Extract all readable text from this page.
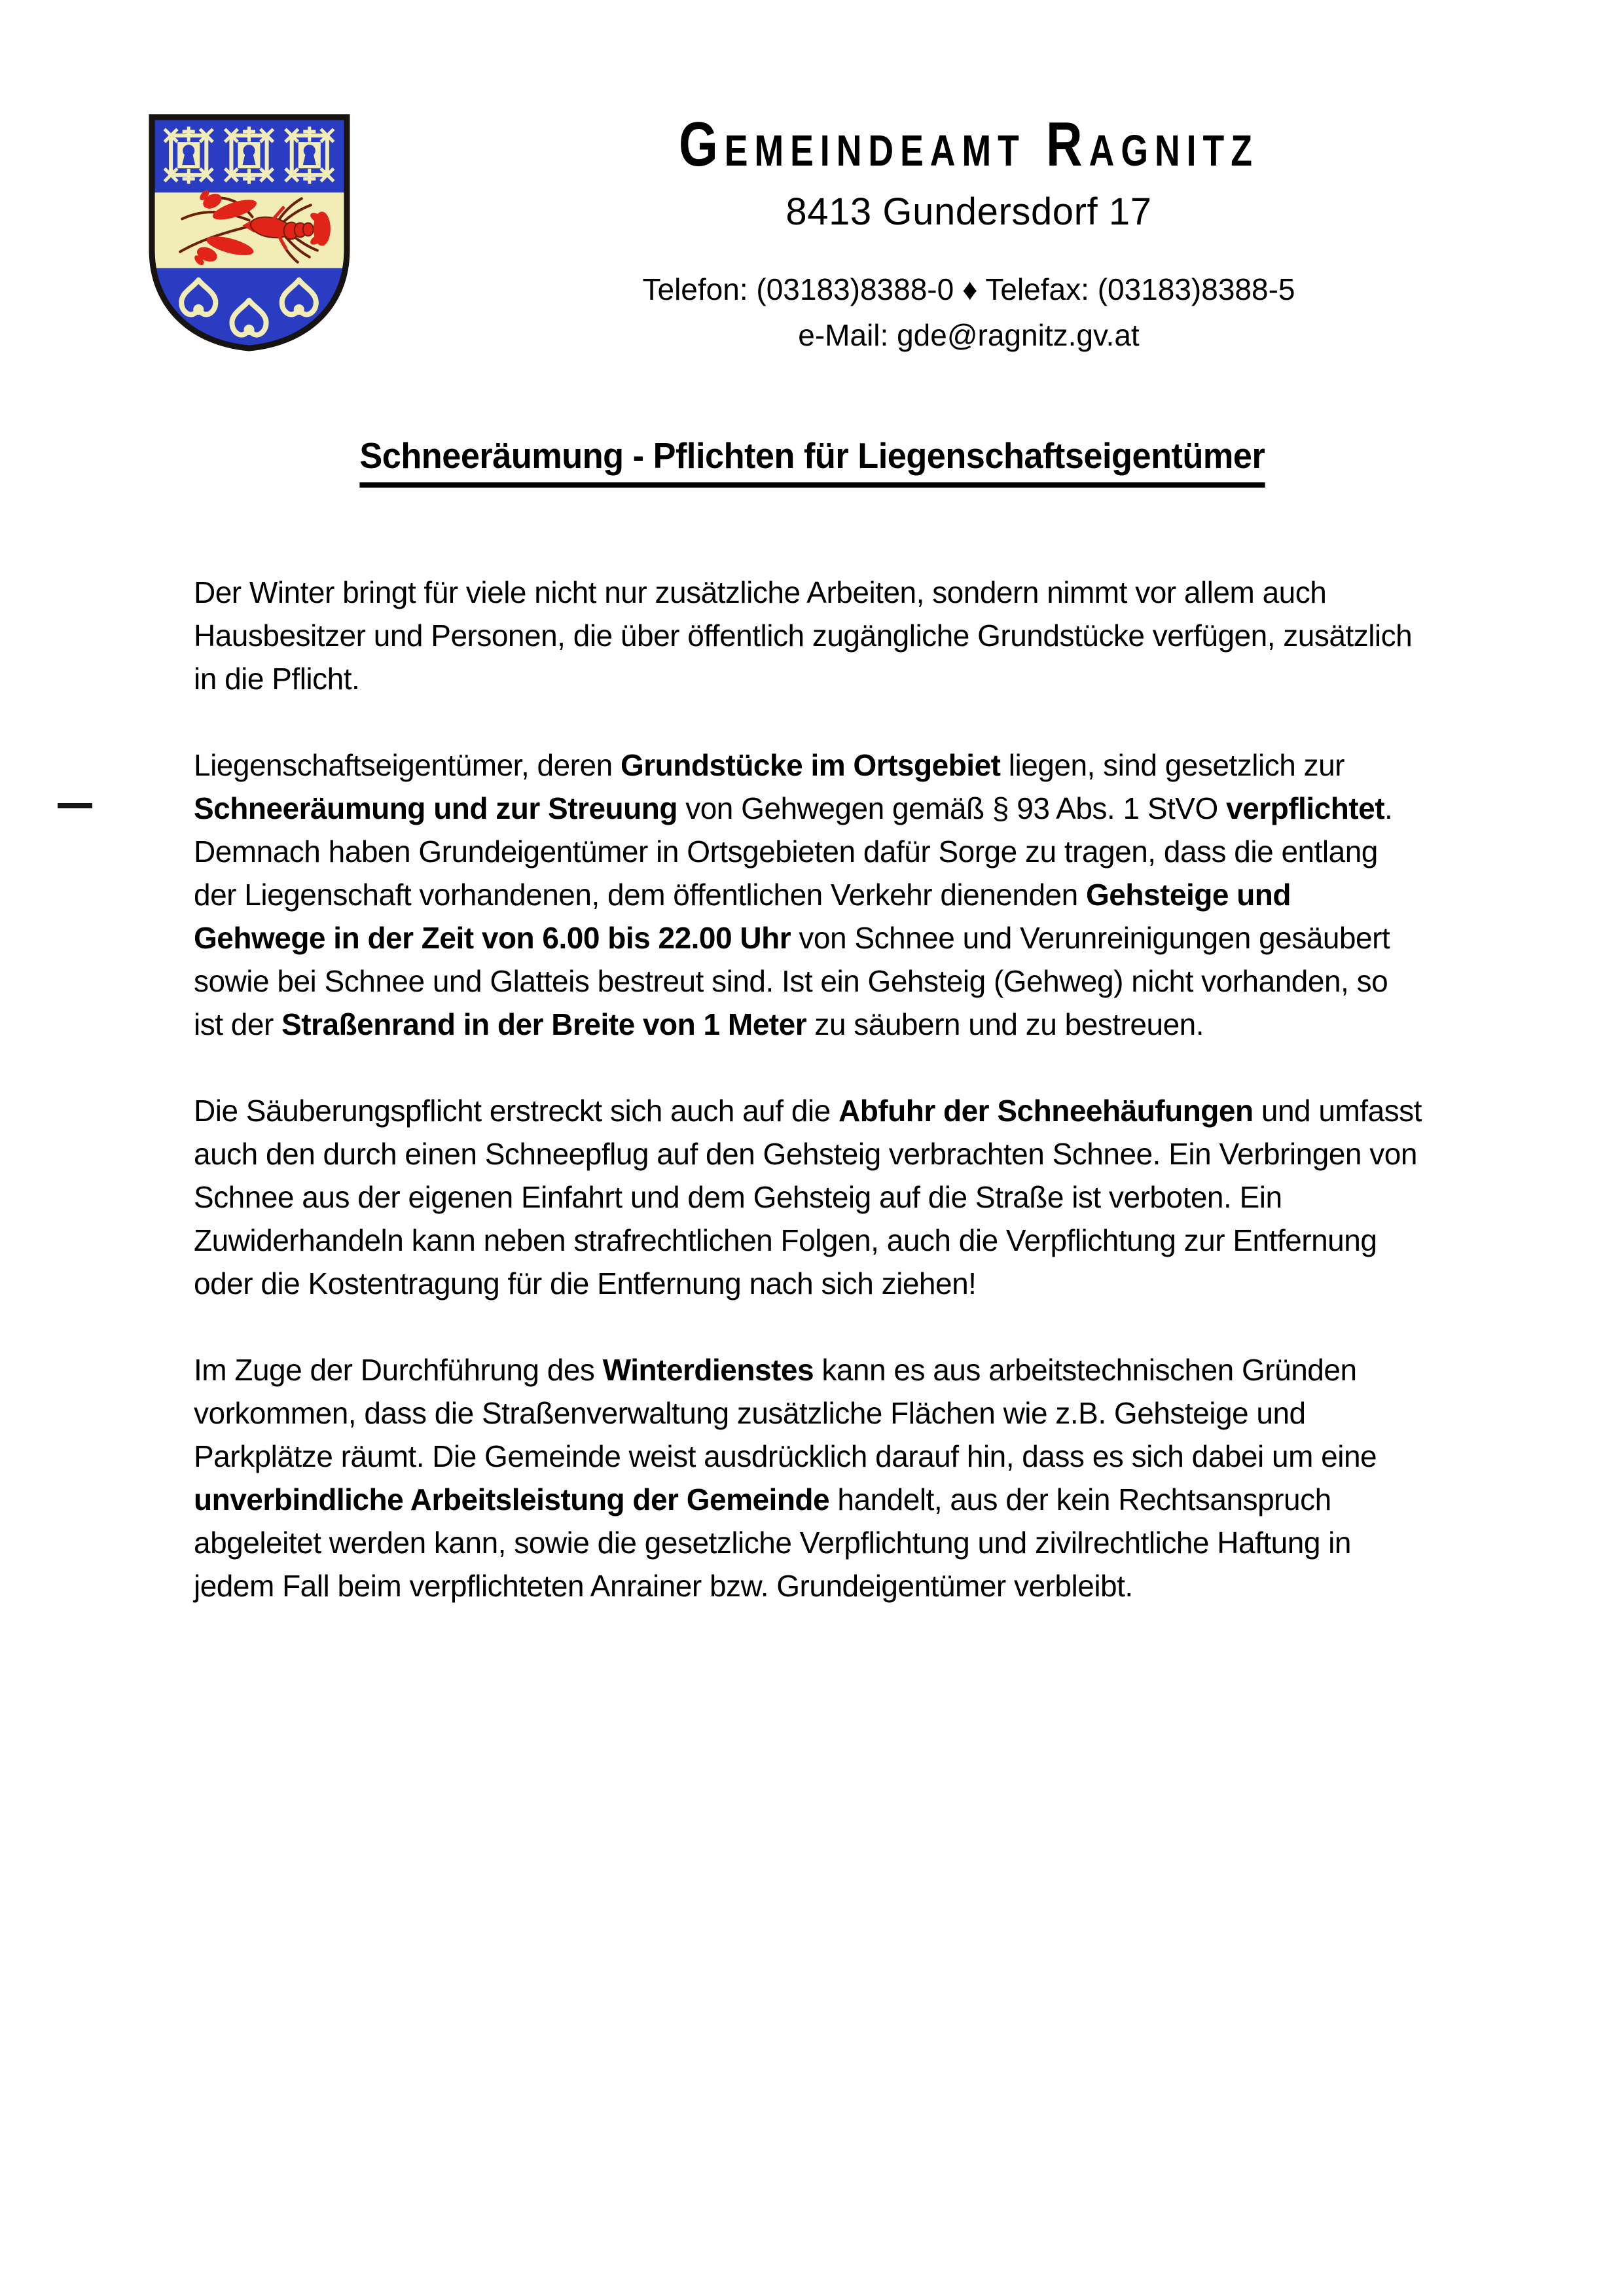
Gemeindeamt Ragnitz
8413 Gundersdorf 17
Telefon: (03183)8388-0 ♦ Telefax: (03183)8388-5
e-Mail: gde@ragnitz.gv.at
Schneeräumung - Pflichten für Liegenschaftseigentümer

Der Winter bringt für viele nicht nur zusätzliche Arbeiten, sondern nimmt vor allem auch Hausbesitzer und Personen, die über öffentlich zugängliche Grundstücke verfügen, zusätzlich in die Pflicht.

Liegenschaftseigentümer, deren Grundstücke im Ortsgebiet liegen, sind gesetzlich zur Schneeräumung und zur Streuung von Gehwegen gemäß § 93 Abs. 1 StVO verpflichtet. Demnach haben Grundeigentümer in Ortsgebieten dafür Sorge zu tragen, dass die entlang der Liegenschaft vorhandenen, dem öffentlichen Verkehr dienenden Gehsteige und Gehwege in der Zeit von 6.00 bis 22.00 Uhr von Schnee und Verunreinigungen gesäubert sowie bei Schnee und Glatteis bestreut sind. Ist ein Gehsteig (Gehweg) nicht vorhanden, so ist der Straßenrand in der Breite von 1 Meter zu säubern und zu bestreuen.

Die Säuberungspflicht erstreckt sich auch auf die Abfuhr der Schneehäufungen und umfasst auch den durch einen Schneepflug auf den Gehsteig verbrachten Schnee. Ein Verbringen von Schnee aus der eigenen Einfahrt und dem Gehsteig auf die Straße ist verboten. Ein Zuwiderhandeln kann neben strafrechtlichen Folgen, auch die Verpflichtung zur Entfernung oder die Kostentragung für die Entfernung nach sich ziehen!

Im Zuge der Durchführung des Winterdienstes kann es aus arbeitstechnischen Gründen vorkommen, dass die Straßenverwaltung zusätzliche Flächen wie z.B. Gehsteige und Parkplätze räumt. Die Gemeinde weist ausdrücklich darauf hin, dass es sich dabei um eine unverbindliche Arbeitsleistung der Gemeinde handelt, aus der kein Rechtsanspruch abgeleitet werden kann, sowie die gesetzliche Verpflichtung und zivilrechtliche Haftung in jedem Fall beim verpflichteten Anrainer bzw. Grundeigentümer verbleibt.
